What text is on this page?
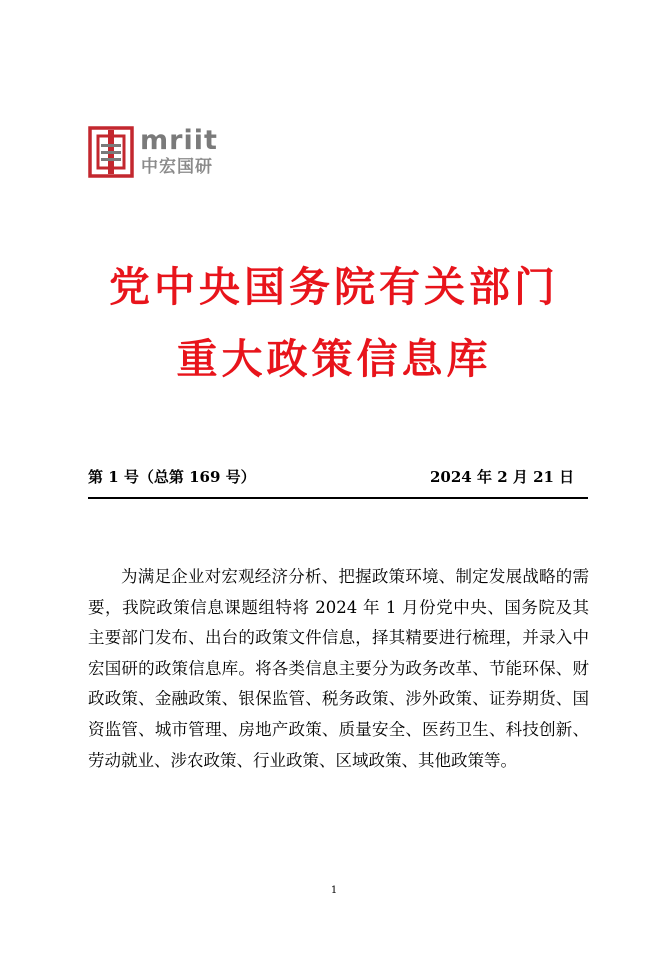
mriit
中宏国研
党中央国务院有关部门
重大政策信息库
第 1 号（总第 169 号）	2024 年 2 月 21 日

为满足企业对宏观经济分析、把握政策环境、制定发展战略的需要，我院政策信息课题组特将 2024 年 1 月份党中央、国务院及其主要部门发布、出台的政策文件信息，择其精要进行梳理，并录入中宏国研的政策信息库。将各类信息主要分为政务改革、节能环保、财政政策、金融政策、银保监管、税务政策、涉外政策、证券期货、国资监管、城市管理、房地产政策、质量安全、医药卫生、科技创新、劳动就业、涉农政策、行业政策、区域政策、其他政策等。

1
